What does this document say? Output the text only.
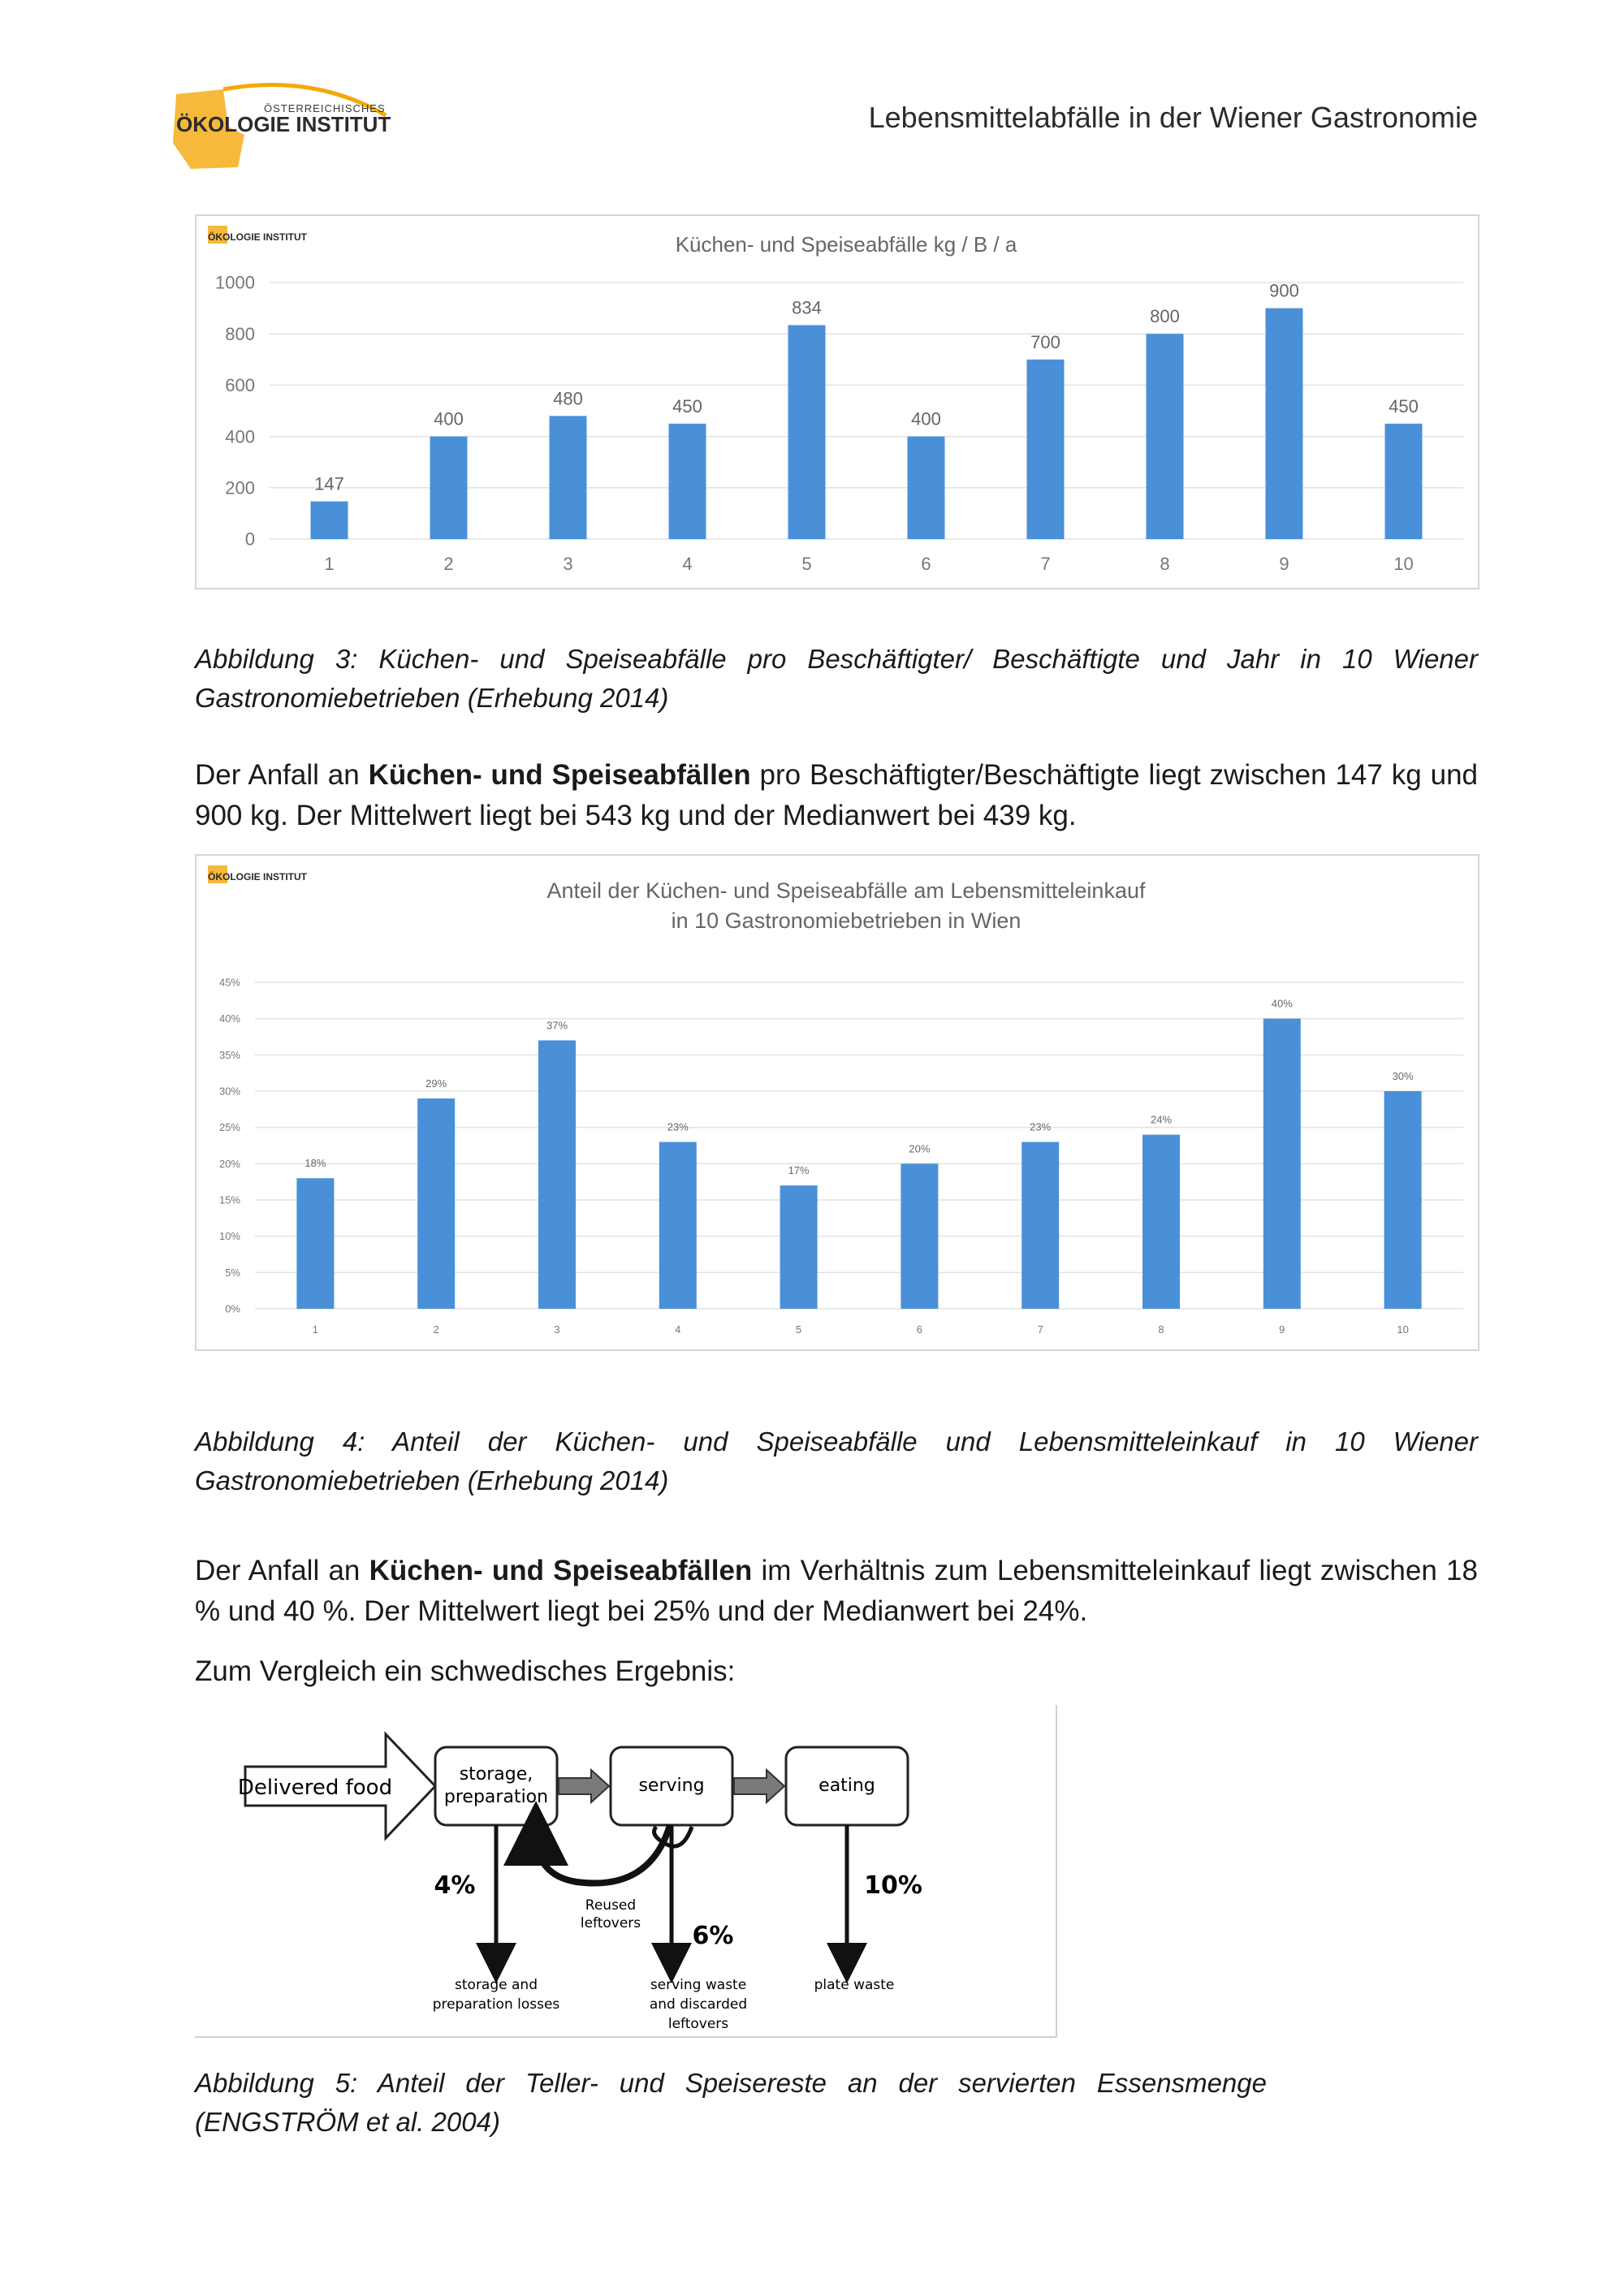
ÖSTERREICHISCHES
ÖKOLOGIE INSTITUT	Lebensmittelabfälle in der Wiener Gastronomie
ÖKOLOGIE INSTITUT	Küchen- und Speiseabfälle kg / B / a
0
200
400
600
800
1000
147
1
400
2
480
3
450
4
834
5
400
6
700
7
800
8
900
9
450
10
Abbildung 3: Küchen- und Speiseabfälle pro Beschäftigter/ Beschäftigte und Jahr in 10 Wiener Gastronomiebetrieben (Erhebung 2014)
Der Anfall an Küchen- und Speiseabfällen pro Beschäftigter/Beschäftigte liegt zwischen 147 kg und 900 kg. Der Mittelwert liegt bei 543 kg und der Medianwert bei 439 kg.
ÖKOLOGIE INSTITUT
Anteil der Küchen- und Speiseabfälle am Lebensmitteleinkauf
in 10 Gastronomiebetrieben in Wien
0%
5%
10%
15%
20%
25%
30%
35%
40%
45%
18%
1
29%
2
37%
3
23%
4
17%
5
20%
6
23%
7
24%
8
40%
9
30%
10
Abbildung 4: Anteil der Küchen- und Speiseabfälle und Lebensmitteleinkauf in 10 Wiener Gastronomiebetrieben (Erhebung 2014)
Der Anfall an Küchen- und Speiseabfällen im Verhältnis zum Lebensmitteleinkauf liegt zwischen 18 % und 40 %. Der Mittelwert liegt bei 25% und der Medianwert bei 24%.
Zum Vergleich ein schwedisches Ergebnis:
Delivered food
storage,
preparation
serving	eating
Reused
leftovers
4%
6%
10%
storage and
preparation losses
serving waste
and discarded
leftovers
plate waste
Abbildung 5: Anteil der Teller- und Speisereste an der servierten Essensmenge (ENGSTRÖM et al. 2004)
